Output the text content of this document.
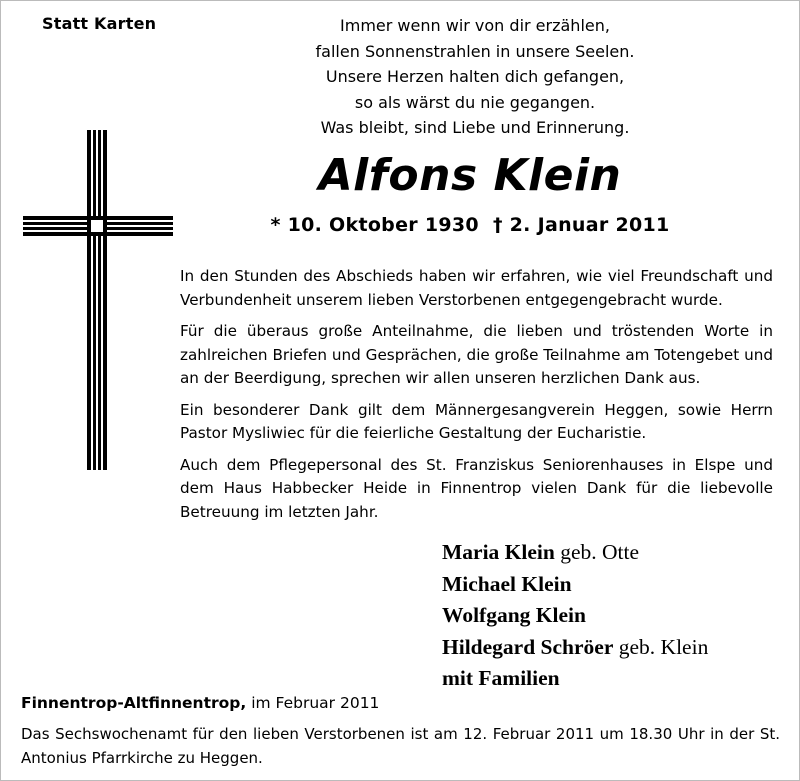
Statt Karten	Immer wenn wir von dir erzählen,
fallen Sonnenstrahlen in unsere Seelen.
Unsere Herzen halten dich gefangen,
so als wärst du nie gegangen.
Was bleibt, sind Liebe und Erinnerung.
Alfons Klein
* 10. Oktober 1930 † 2. Januar 2011

In den Stunden des Abschieds haben wir erfahren, wie viel Freundschaft und Verbundenheit unserem lieben Verstorbenen entgegengebracht wurde.

Für die überaus große Anteilnahme, die lieben und tröstenden Worte in zahlreichen Briefen und Gesprächen, die große Teilnahme am Totengebet und an der Beerdigung, sprechen wir allen unseren herzlichen Dank aus.

Ein besonderer Dank gilt dem Männergesangverein Heggen, sowie Herrn Pastor Mysliwiec für die feierliche Gestaltung der Eucharistie.

Auch dem Pflegepersonal des St. Franziskus Seniorenhauses in Elspe und dem Haus Habbecker Heide in Finnentrop vielen Dank für die liebevolle Betreuung im letzten Jahr.

Maria Klein geb. Otte
Michael Klein
Wolfgang Klein
Hildegard Schröer geb. Klein
mit Familien
Finnentrop-Altfinnentrop, im Februar 2011
Das Sechswochenamt für den lieben Verstorbenen ist am 12. Februar 2011 um 18.30 Uhr in der St. Antonius Pfarrkirche zu Heggen.
